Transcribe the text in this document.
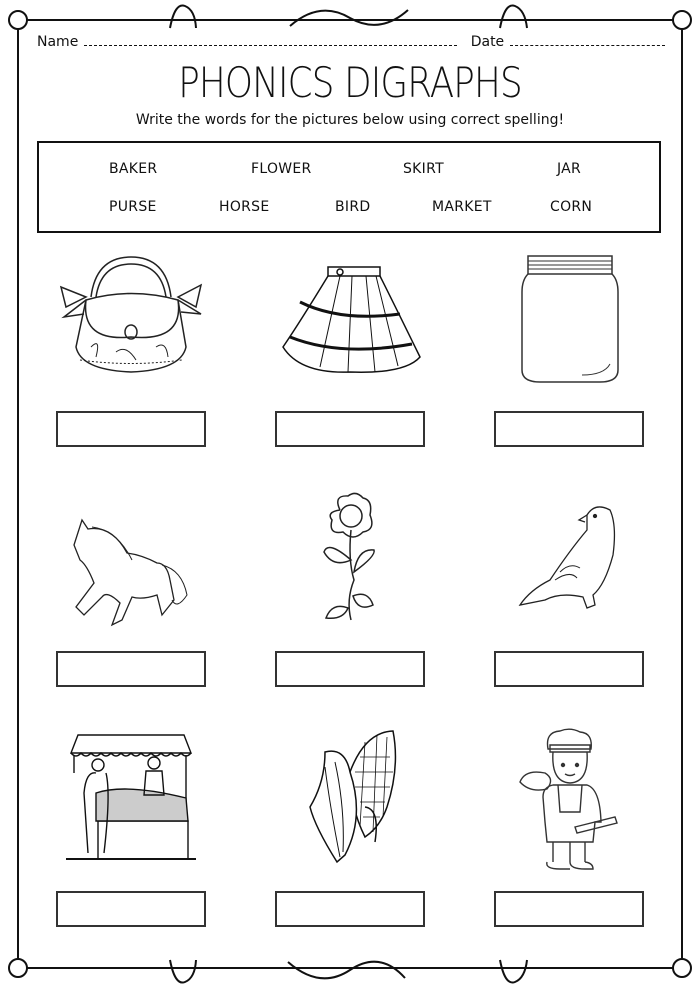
Name	Date
PHONICS DIGRAPHS
Write the words for the pictures below using correct spelling!
BAKER	FLOWER	SKIRT	JAR
PURSE	HORSE	BIRD	MARKET	CORN
